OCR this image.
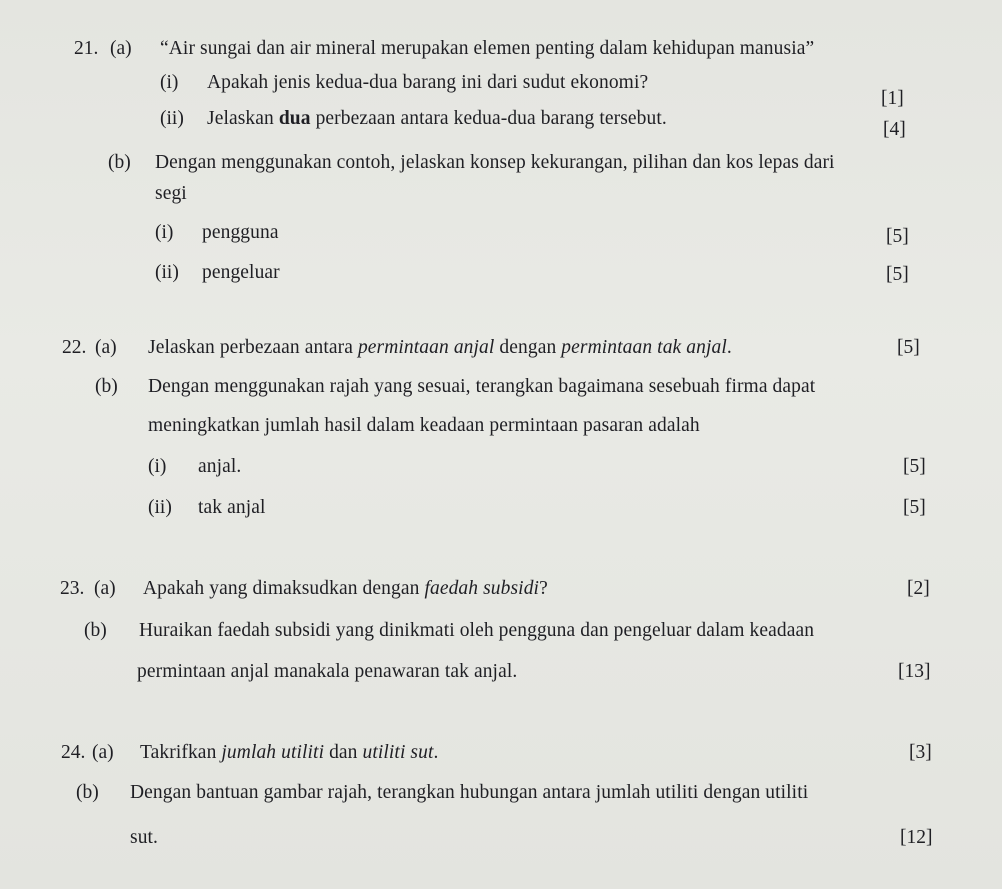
21. (a) “Air sungai dan air mineral merupakan elemen penting dalam kehidupan manusia”
(i) Apakah jenis kedua-dua barang ini dari sudut ekonomi?
[1]
(ii) Jelaskan dua perbezaan antara kedua-dua barang tersebut.
[4]
(b) Dengan menggunakan contoh, jelaskan konsep kekurangan, pilihan dan kos lepas dari
segi
(i) pengguna	[5]
(ii) pengeluar	[5]
22. (a) Jelaskan perbezaan antara permintaan anjal dengan permintaan tak anjal.	[5]
(b) Dengan menggunakan rajah yang sesuai, terangkan bagaimana sesebuah firma dapat
meningkatkan jumlah hasil dalam keadaan permintaan pasaran adalah
(i) anjal.	[5]
(ii) tak anjal	[5]
23. (a) Apakah yang dimaksudkan dengan faedah subsidi?	[2]
(b) Huraikan faedah subsidi yang dinikmati oleh pengguna dan pengeluar dalam keadaan
permintaan anjal manakala penawaran tak anjal.	[13]
24. (a) Takrifkan jumlah utiliti dan utiliti sut.	[3]
(b) Dengan bantuan gambar rajah, terangkan hubungan antara jumlah utiliti dengan utiliti
sut.	[12]
